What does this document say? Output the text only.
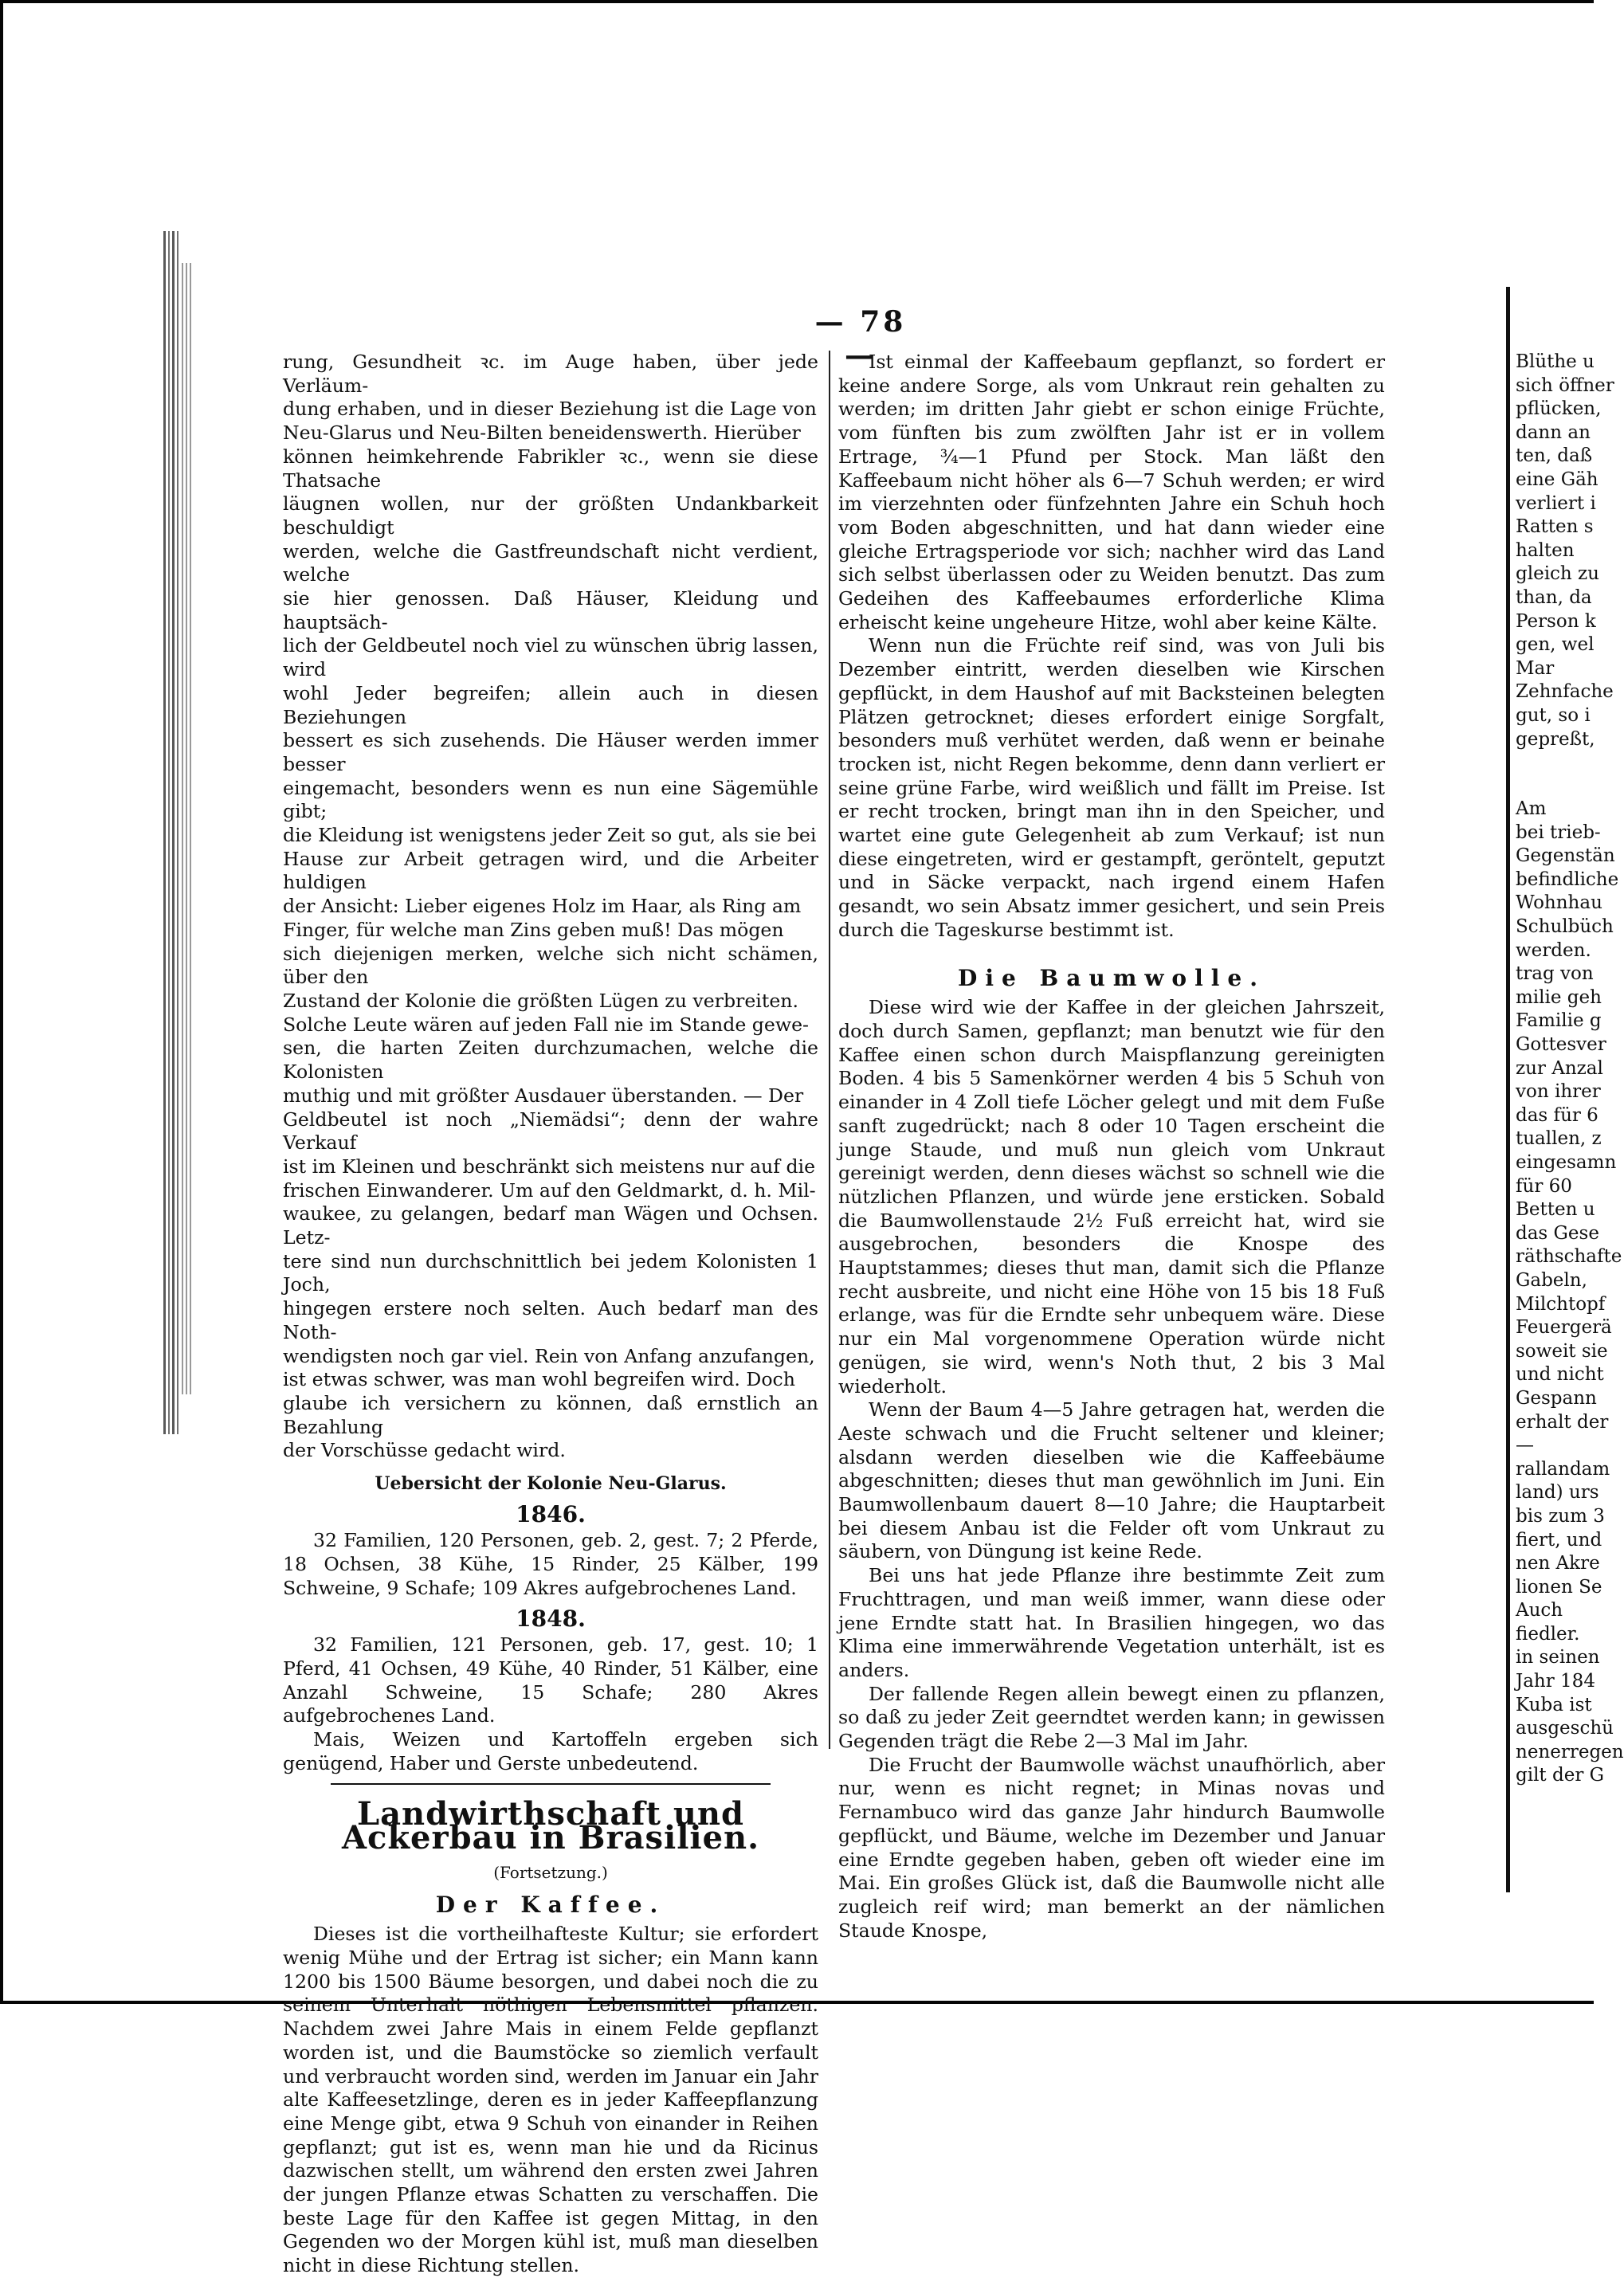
— 78 —
rung, Gesundheit ꝛc. im Auge haben, über jede Verläum-
dung erhaben, und in dieser Beziehung ist die Lage von
Neu-Glarus und Neu-Bilten beneidenswerth. Hierüber
können heimkehrende Fabrikler ꝛc., wenn sie diese Thatsache
läugnen wollen, nur der größten Undankbarkeit beschuldigt
werden, welche die Gastfreundschaft nicht verdient, welche
sie hier genossen. Daß Häuser, Kleidung und hauptsäch-
lich der Geldbeutel noch viel zu wünschen übrig lassen, wird
wohl Jeder begreifen; allein auch in diesen Beziehungen
bessert es sich zusehends. Die Häuser werden immer besser
eingemacht, besonders wenn es nun eine Sägemühle gibt;
die Kleidung ist wenigstens jeder Zeit so gut, als sie bei
Hause zur Arbeit getragen wird, und die Arbeiter huldigen
der Ansicht: Lieber eigenes Holz im Haar, als Ring am
Finger, für welche man Zins geben muß! Das mögen
sich diejenigen merken, welche sich nicht schämen, über den
Zustand der Kolonie die größten Lügen zu verbreiten.
Solche Leute wären auf jeden Fall nie im Stande gewe-
sen, die harten Zeiten durchzumachen, welche die Kolonisten
muthig und mit größter Ausdauer überstanden. — Der
Geldbeutel ist noch „Niemädsi“; denn der wahre Verkauf
ist im Kleinen und beschränkt sich meistens nur auf die
frischen Einwanderer. Um auf den Geldmarkt, d. h. Mil-
waukee, zu gelangen, bedarf man Wägen und Ochsen. Letz-
tere sind nun durchschnittlich bei jedem Kolonisten 1 Joch,
hingegen erstere noch selten. Auch bedarf man des Noth-
wendigsten noch gar viel. Rein von Anfang anzufangen,
ist etwas schwer, was man wohl begreifen wird. Doch
glaube ich versichern zu können, daß ernstlich an Bezahlung
der Vorschüsse gedacht wird.
Uebersicht der Kolonie Neu-Glarus.
1846.

32 Familien, 120 Personen, geb. 2, gest. 7; 2 Pferde, 18 Ochsen, 38 Kühe, 15 Rinder, 25 Kälber, 199 Schweine, 9 Schafe; 109 Akres aufgebrochenes Land.

1848.

32 Familien, 121 Personen, geb. 17, gest. 10; 1 Pferd, 41 Ochsen, 49 Kühe, 40 Rinder, 51 Kälber, eine Anzahl Schweine, 15 Schafe; 280 Akres aufgebrochenes Land.

Mais, Weizen und Kartoffeln ergeben sich genügend, Haber und Gerste unbedeutend.

Landwirthschaft und Ackerbau in Brasilien.
(Fortsetzung.)
Der Kaffee.

Dieses ist die vortheilhafteste Kultur; sie erfordert wenig Mühe und der Ertrag ist sicher; ein Mann kann 1200 bis 1500 Bäume besorgen, und dabei noch die zu seinem Unterhalt nöthigen Lebensmittel pflanzen. Nachdem zwei Jahre Mais in einem Felde gepflanzt worden ist, und die Baumstöcke so ziemlich verfault und verbraucht worden sind, werden im Januar ein Jahr alte Kaffeesetzlinge, deren es in jeder Kaffeepflanzung eine Menge gibt, etwa 9 Schuh von einander in Reihen gepflanzt; gut ist es, wenn man hie und da Ricinus dazwischen stellt, um während den ersten zwei Jahren der jungen Pflanze etwas Schatten zu verschaffen. Die beste Lage für den Kaffee ist gegen Mittag, in den Gegenden wo der Morgen kühl ist, muß man dieselben nicht in diese Richtung stellen.

Ist einmal der Kaffeebaum gepflanzt, so fordert er keine andere Sorge, als vom Unkraut rein gehalten zu werden; im dritten Jahr giebt er schon einige Früchte, vom fünften bis zum zwölften Jahr ist er in vollem Ertrage, ¾—1 Pfund per Stock. Man läßt den Kaffeebaum nicht höher als 6—7 Schuh werden; er wird im vierzehnten oder fünfzehnten Jahre ein Schuh hoch vom Boden abgeschnitten, und hat dann wieder eine gleiche Ertragsperiode vor sich; nachher wird das Land sich selbst überlassen oder zu Weiden benutzt. Das zum Gedeihen des Kaffeebaumes erforderliche Klima erheischt keine ungeheure Hitze, wohl aber keine Kälte.

Wenn nun die Früchte reif sind, was von Juli bis Dezember eintritt, werden dieselben wie Kirschen gepflückt, in dem Haushof auf mit Backsteinen belegten Plätzen getrocknet; dieses erfordert einige Sorgfalt, besonders muß verhütet werden, daß wenn er beinahe trocken ist, nicht Regen bekomme, denn dann verliert er seine grüne Farbe, wird weißlich und fällt im Preise. Ist er recht trocken, bringt man ihn in den Speicher, und wartet eine gute Gelegenheit ab zum Verkauf; ist nun diese eingetreten, wird er gestampft, geröntelt, geputzt und in Säcke verpackt, nach irgend einem Hafen gesandt, wo sein Absatz immer gesichert, und sein Preis durch die Tageskurse bestimmt ist.

Die Baumwolle.

Diese wird wie der Kaffee in der gleichen Jahrszeit, doch durch Samen, gepflanzt; man benutzt wie für den Kaffee einen schon durch Maispflanzung gereinigten Boden. 4 bis 5 Samenkörner werden 4 bis 5 Schuh von einander in 4 Zoll tiefe Löcher gelegt und mit dem Fuße sanft zugedrückt; nach 8 oder 10 Tagen erscheint die junge Staude, und muß nun gleich vom Unkraut gereinigt werden, denn dieses wächst so schnell wie die nützlichen Pflanzen, und würde jene ersticken. Sobald die Baumwollenstaude 2½ Fuß erreicht hat, wird sie ausgebrochen, besonders die Knospe des Hauptstammes; dieses thut man, damit sich die Pflanze recht ausbreite, und nicht eine Höhe von 15 bis 18 Fuß erlange, was für die Erndte sehr unbequem wäre. Diese nur ein Mal vorgenommene Operation würde nicht genügen, sie wird, wenn's Noth thut, 2 bis 3 Mal wiederholt.

Wenn der Baum 4—5 Jahre getragen hat, werden die Aeste schwach und die Frucht seltener und kleiner; alsdann werden dieselben wie die Kaffeebäume abgeschnitten; dieses thut man gewöhnlich im Juni. Ein Baumwollenbaum dauert 8—10 Jahre; die Hauptarbeit bei diesem Anbau ist die Felder oft vom Unkraut zu säubern, von Düngung ist keine Rede.

Bei uns hat jede Pflanze ihre bestimmte Zeit zum Fruchttragen, und man weiß immer, wann diese oder jene Erndte statt hat. In Brasilien hingegen, wo das Klima eine immerwährende Vegetation unterhält, ist es anders.

Der fallende Regen allein bewegt einen zu pflanzen, so daß zu jeder Zeit geerndtet werden kann; in gewissen Gegenden trägt die Rebe 2—3 Mal im Jahr.

Die Frucht der Baumwolle wächst unaufhörlich, aber nur, wenn es nicht regnet; in Minas novas und Fernambuco wird das ganze Jahr hindurch Baumwolle gepflückt, und Bäume, welche im Dezember und Januar eine Erndte gegeben haben, geben oft wieder eine im Mai. Ein großes Glück ist, daß die Baumwolle nicht alle zugleich reif wird; man bemerkt an der nämlichen Staude Knospe,

Blüthe u
sich öffner
pflücken,
dann an
ten, daß
eine Gäh
verliert i
Ratten s
halten
gleich zu
than, da
Person k
gen, wel
Mar
Zehnfache
gut, so i
gepreßt,
Am
bei trieb-
Gegenstän
befindliche
Wohnhau
Schulbüch
werden.
trag von
milie geh
Familie g
Gottesver
zur Anzal
von ihrer
das für 6
tuallen, z
eingesamn
für 60
Betten u
das Gese
räthschafte
Gabeln,
Milchtopf
Feuergerä
soweit sie
und nicht
Gespann
erhalt der
—
rallandam
land) urs
bis zum 3
fiert, und
nen Akre
lionen Se
Auch
fiedler.
in seinen
Jahr 184
Kuba ist
ausgeschü
nenerregen
gilt der G
